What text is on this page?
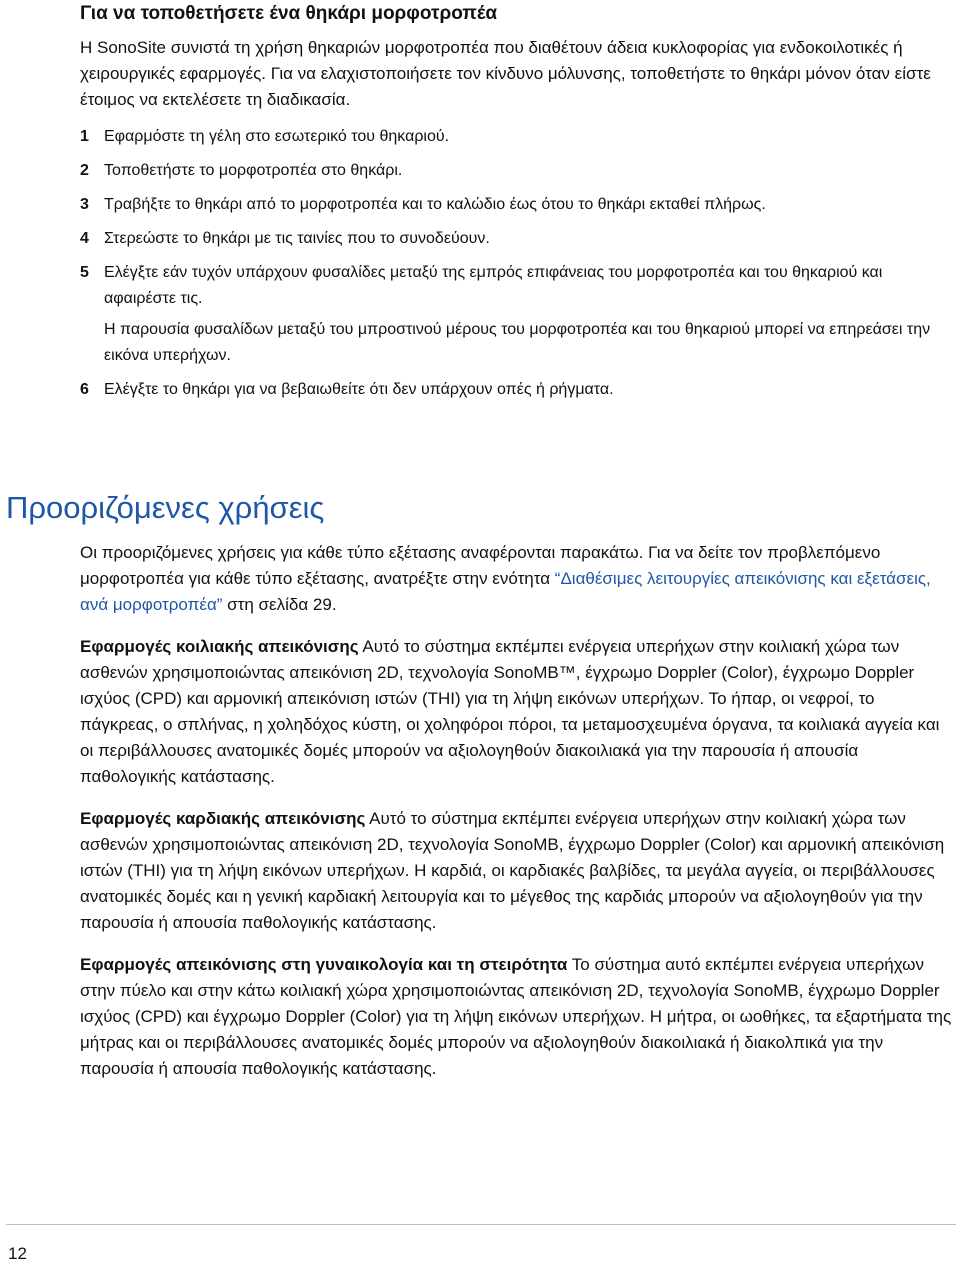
Για να τοποθετήσετε ένα θηκάρι μορφοτροπέα

Η SonoSite συνιστά τη χρήση θηκαριών μορφοτροπέα που διαθέτουν άδεια κυκλοφορίας για ενδοκοιλοτικές ή χειρουργικές εφαρμογές. Για να ελαχιστοποιήσετε τον κίνδυνο μόλυνσης, τοποθετήστε το θηκάρι μόνον όταν είστε έτοιμος να εκτελέσετε τη διαδικασία.

1 Εφαρμόστε τη γέλη στο εσωτερικό του θηκαριού.
2 Τοποθετήστε το μορφοτροπέα στο θηκάρι.
3 Τραβήξτε το θηκάρι από το μορφοτροπέα και το καλώδιο έως ότου το θηκάρι εκταθεί πλήρως.
4 Στερεώστε το θηκάρι με τις ταινίες που το συνοδεύουν.
5 Ελέγξτε εάν τυχόν υπάρχουν φυσαλίδες μεταξύ της εμπρός επιφάνειας του μορφοτροπέα και του θηκαριού και αφαιρέστε τις.
Η παρουσία φυσαλίδων μεταξύ του μπροστινού μέρους του μορφοτροπέα και του θηκαριού μπορεί να επηρεάσει την εικόνα υπερήχων.
6 Ελέγξτε το θηκάρι για να βεβαιωθείτε ότι δεν υπάρχουν οπές ή ρήγματα.
Προοριζόμενες χρήσεις

Οι προοριζόμενες χρήσεις για κάθε τύπο εξέτασης αναφέρονται παρακάτω. Για να δείτε τον προβλεπόμενο μορφοτροπέα για κάθε τύπο εξέτασης, ανατρέξτε στην ενότητα “Διαθέσιμες λειτουργίες απεικόνισης και εξετάσεις, ανά μορφοτροπέα” στη σελίδα 29.

Εφαρμογές κοιλιακής απεικόνισης Αυτό το σύστημα εκπέμπει ενέργεια υπερήχων στην κοιλιακή χώρα των ασθενών χρησιμοποιώντας απεικόνιση 2D, τεχνολογία SonoMB™, έγχρωμο Doppler (Color), έγχρωμο Doppler ισχύος (CPD) και αρμονική απεικόνιση ιστών (THI) για τη λήψη εικόνων υπερήχων. Το ήπαρ, οι νεφροί, το πάγκρεας, ο σπλήνας, η χοληδόχος κύστη, οι χοληφόροι πόροι, τα μεταμοσχευμένα όργανα, τα κοιλιακά αγγεία και οι περιβάλλουσες ανατομικές δομές μπορούν να αξιολογηθούν διακοιλιακά για την παρουσία ή απουσία παθολογικής κατάστασης.

Εφαρμογές καρδιακής απεικόνισης Αυτό το σύστημα εκπέμπει ενέργεια υπερήχων στην κοιλιακή χώρα των ασθενών χρησιμοποιώντας απεικόνιση 2D, τεχνολογία SonoMB, έγχρωμο Doppler (Color) και αρμονική απεικόνιση ιστών (THI) για τη λήψη εικόνων υπερήχων. Η καρδιά, οι καρδιακές βαλβίδες, τα μεγάλα αγγεία, οι περιβάλλουσες ανατομικές δομές και η γενική καρδιακή λειτουργία και το μέγεθος της καρδιάς μπορούν να αξιολογηθούν για την παρουσία ή απουσία παθολογικής κατάστασης.

Εφαρμογές απεικόνισης στη γυναικολογία και τη στειρότητα Το σύστημα αυτό εκπέμπει ενέργεια υπερήχων στην πύελο και στην κάτω κοιλιακή χώρα χρησιμοποιώντας απεικόνιση 2D, τεχνολογία SonoMB, έγχρωμο Doppler ισχύος (CPD) και έγχρωμο Doppler (Color) για τη λήψη εικόνων υπερήχων. Η μήτρα, οι ωοθήκες, τα εξαρτήματα της μήτρας και οι περιβάλλουσες ανατομικές δομές μπορούν να αξιολογηθούν διακοιλιακά ή διακολπικά για την παρουσία ή απουσία παθολογικής κατάστασης.

12
